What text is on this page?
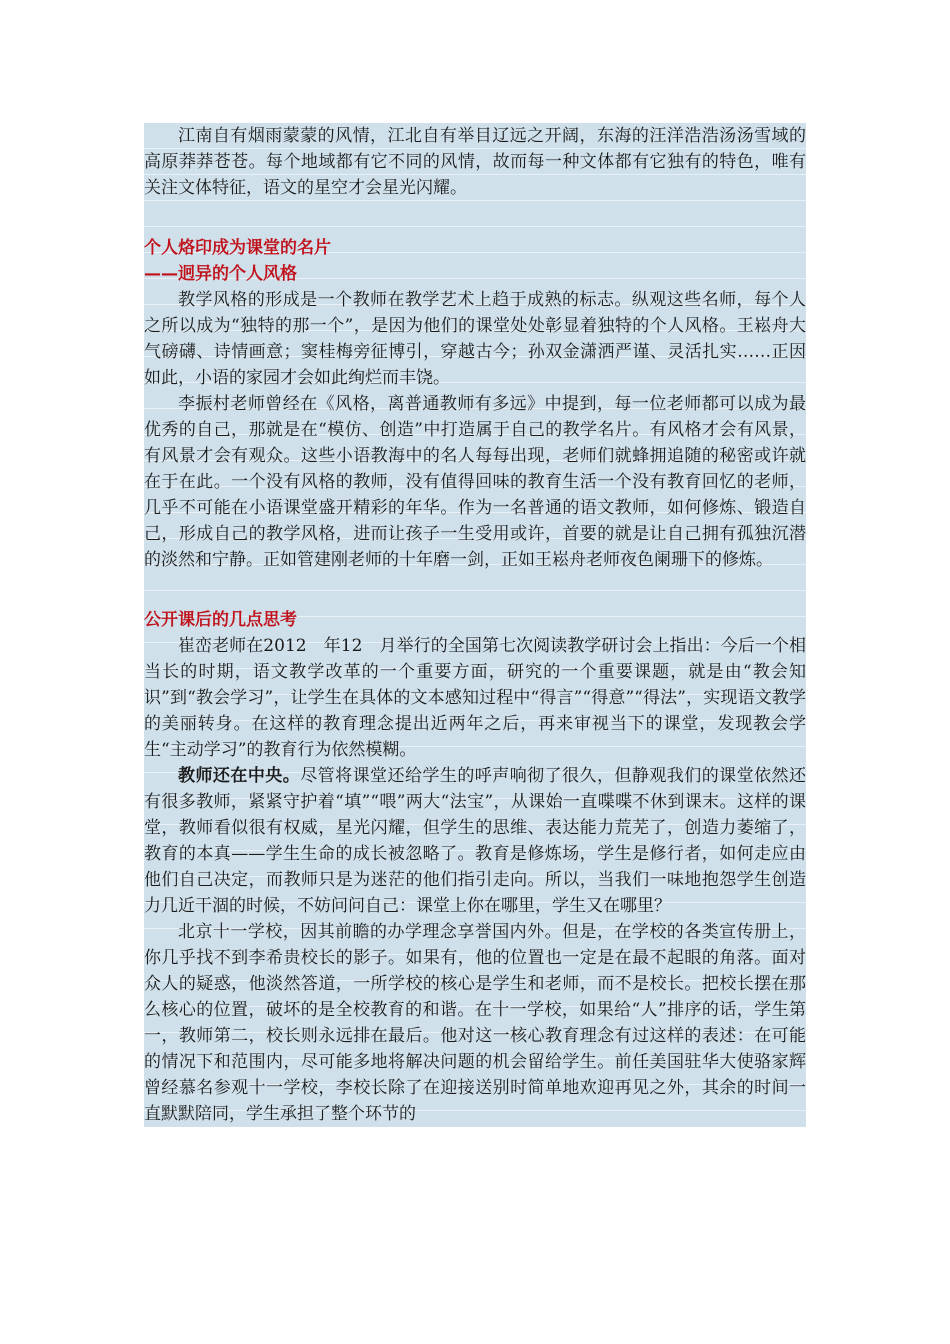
江南自有烟雨蒙蒙的风情，江北自有举目辽远之开阔，东海的汪洋浩浩汤汤雪域的高原莽莽苍苍。每个地域都有它不同的风情，故而每一种文体都有它独有的特色，唯有关注文体特征，语文的星空才会星光闪耀。

个人烙印成为课堂的名片
——迥异的个人风格

教学风格的形成是一个教师在教学艺术上趋于成熟的标志。纵观这些名师，每个人之所以成为“独特的那一个”，是因为他们的课堂处处彰显着独特的个人风格。王崧舟大气磅礴、诗情画意；窦桂梅旁征博引，穿越古今；孙双金潇洒严谨、灵活扎实……正因如此，小语的家园才会如此绚烂而丰饶。

李振村老师曾经在《风格，离普通教师有多远》中提到，每一位老师都可以成为最优秀的自己，那就是在“模仿、创造”中打造属于自己的教学名片。有风格才会有风景，有风景才会有观众。这些小语教海中的名人每每出现，老师们就蜂拥追随的秘密或许就在于在此。一个没有风格的教师，没有值得回味的教育生活一个没有教育回忆的老师，几乎不可能在小语课堂盛开精彩的年华。作为一名普通的语文教师，如何修炼、锻造自己，形成自己的教学风格，进而让孩子一生受用或许，首要的就是让自己拥有孤独沉潜的淡然和宁静。正如管建刚老师的十年磨一剑，正如王崧舟老师夜色阑珊下的修炼。

公开课后的几点思考

崔峦老师在2012　年12　月举行的全国第七次阅读教学研讨会上指出：今后一个相当长的时期，语文教学改革的一个重要方面，研究的一个重要课题，就是由“教会知识”到“教会学习”，让学生在具体的文本感知过程中“得言”“得意”“得法”，实现语文教学的美丽转身。在这样的教育理念提出近两年之后，再来审视当下的课堂，发现教会学生“主动学习”的教育行为依然模糊。

教师还在中央。尽管将课堂还给学生的呼声响彻了很久，但静观我们的课堂依然还有很多教师，紧紧守护着“填”“喂”两大“法宝”，从课始一直喋喋不休到课末。这样的课堂，教师看似很有权威，星光闪耀，但学生的思维、表达能力荒芜了，创造力萎缩了，教育的本真——学生生命的成长被忽略了。教育是修炼场，学生是修行者，如何走应由他们自己决定，而教师只是为迷茫的他们指引走向。所以，当我们一味地抱怨学生创造力几近干涸的时候，不妨问问自己：课堂上你在哪里，学生又在哪里？

北京十一学校，因其前瞻的办学理念享誉国内外。但是，在学校的各类宣传册上，你几乎找不到李希贵校长的影子。如果有，他的位置也一定是在最不起眼的角落。面对众人的疑惑，他淡然答道，一所学校的核心是学生和老师，而不是校长。把校长摆在那么核心的位置，破坏的是全校教育的和谐。在十一学校，如果给“人”排序的话，学生第一，教师第二，校长则永远排在最后。他对这一核心教育理念有过这样的表述：在可能的情况下和范围内，尽可能多地将解决问题的机会留给学生。前任美国驻华大使骆家辉曾经慕名参观十一学校，李校长除了在迎接送别时简单地欢迎再见之外，其余的时间一直默默陪同，学生承担了整个环节的
